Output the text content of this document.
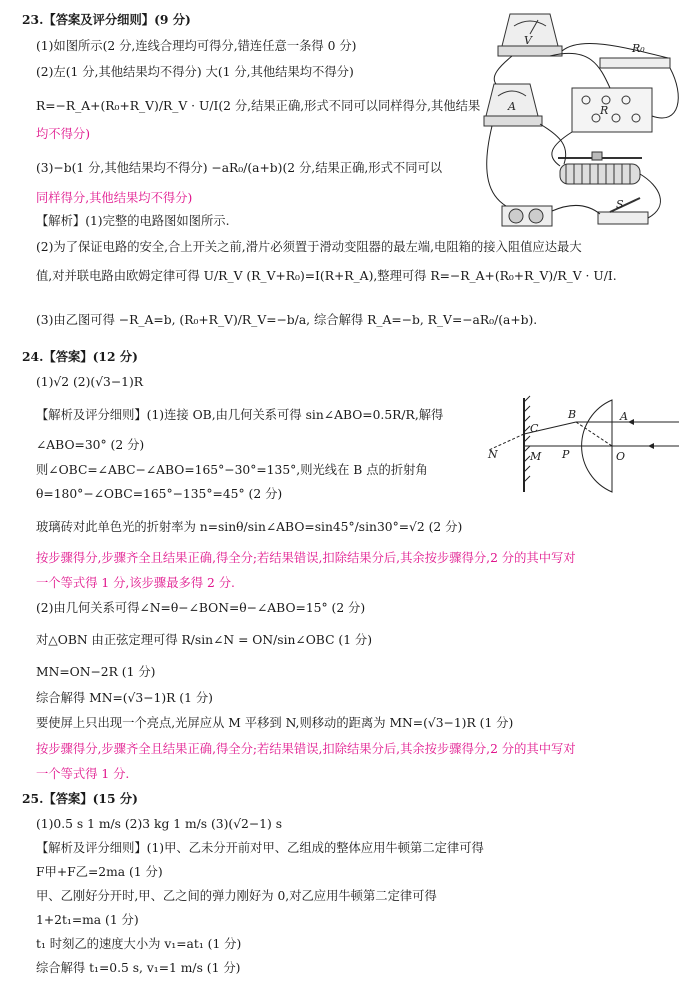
23.【答案及评分细则】(9 分)
(1)如图所示(2 分,连线合理均可得分,错连任意一条得 0 分)
(2)左(1 分,其他结果均不得分) 大(1 分,其他结果均不得分)
R=−R_A+(R₀+R_V)/R_V · U/I(2 分,结果正确,形式不同可以同样得分,其他结果
均不得分)
(3)−b(1 分,其他结果均不得分) −aR₀/(a+b)(2 分,结果正确,形式不同可以
同样得分,其他结果均不得分)
【解析】(1)完整的电路图如图所示.
(2)为了保证电路的安全,合上开关之前,滑片必须置于滑动变阻器的最左端,电阻箱的接入阻值应达最大
值,对并联电路由欧姆定律可得 U/R_V (R_V+R₀)=I(R+R_A),整理可得 R=−R_A+(R₀+R_V)/R_V · U/I.
(3)由乙图可得 −R_A=b, (R₀+R_V)/R_V=−b/a, 综合解得 R_A=−b, R_V=−aR₀/(a+b).
V
R₀
A	R
S
24.【答案】(12 分)
(1)√2 (2)(√3−1)R
【解析及评分细则】(1)连接 OB,由几何关系可得 sin∠ABO=0.5R/R,解得
∠ABO=30° (2 分)
则∠OBC=∠ABC−∠ABO=165°−30°=135°,则光线在 B 点的折射角
θ=180°−∠OBC=165°−135°=45° (2 分)
玻璃砖对此单色光的折射率为 n=sinθ/sin∠ABO=sin45°/sin30°=√2 (2 分)
按步骤得分,步骤齐全且结果正确,得全分;若结果错误,扣除结果分后,其余按步骤得分,2 分的其中写对
一个等式得 1 分,该步骤最多得 2 分.
(2)由几何关系可得∠N=θ−∠BON=θ−∠ABO=15° (2 分)
对△OBN 由正弦定理可得 R/sin∠N = ON/sin∠OBC (1 分)
MN=ON−2R (1 分)
综合解得 MN=(√3−1)R (1 分)
要使屏上只出现一个亮点,光屏应从 M 平移到 N,则移动的距离为 MN=(√3−1)R (1 分)
按步骤得分,步骤齐全且结果正确,得全分;若结果错误,扣除结果分后,其余按步骤得分,2 分的其中写对
一个等式得 1 分.
B	A
C
N	M P	O
25.【答案】(15 分)
(1)0.5 s 1 m/s (2)3 kg 1 m/s (3)(√2−1) s
【解析及评分细则】(1)甲、乙未分开前对甲、乙组成的整体应用牛顿第二定律可得
F甲+F乙=2ma (1 分)
甲、乙刚好分开时,甲、乙之间的弹力刚好为 0,对乙应用牛顿第二定律可得
1+2t₁=ma (1 分)
t₁ 时刻乙的速度大小为 v₁=at₁ (1 分)
综合解得 t₁=0.5 s, v₁=1 m/s (1 分)
